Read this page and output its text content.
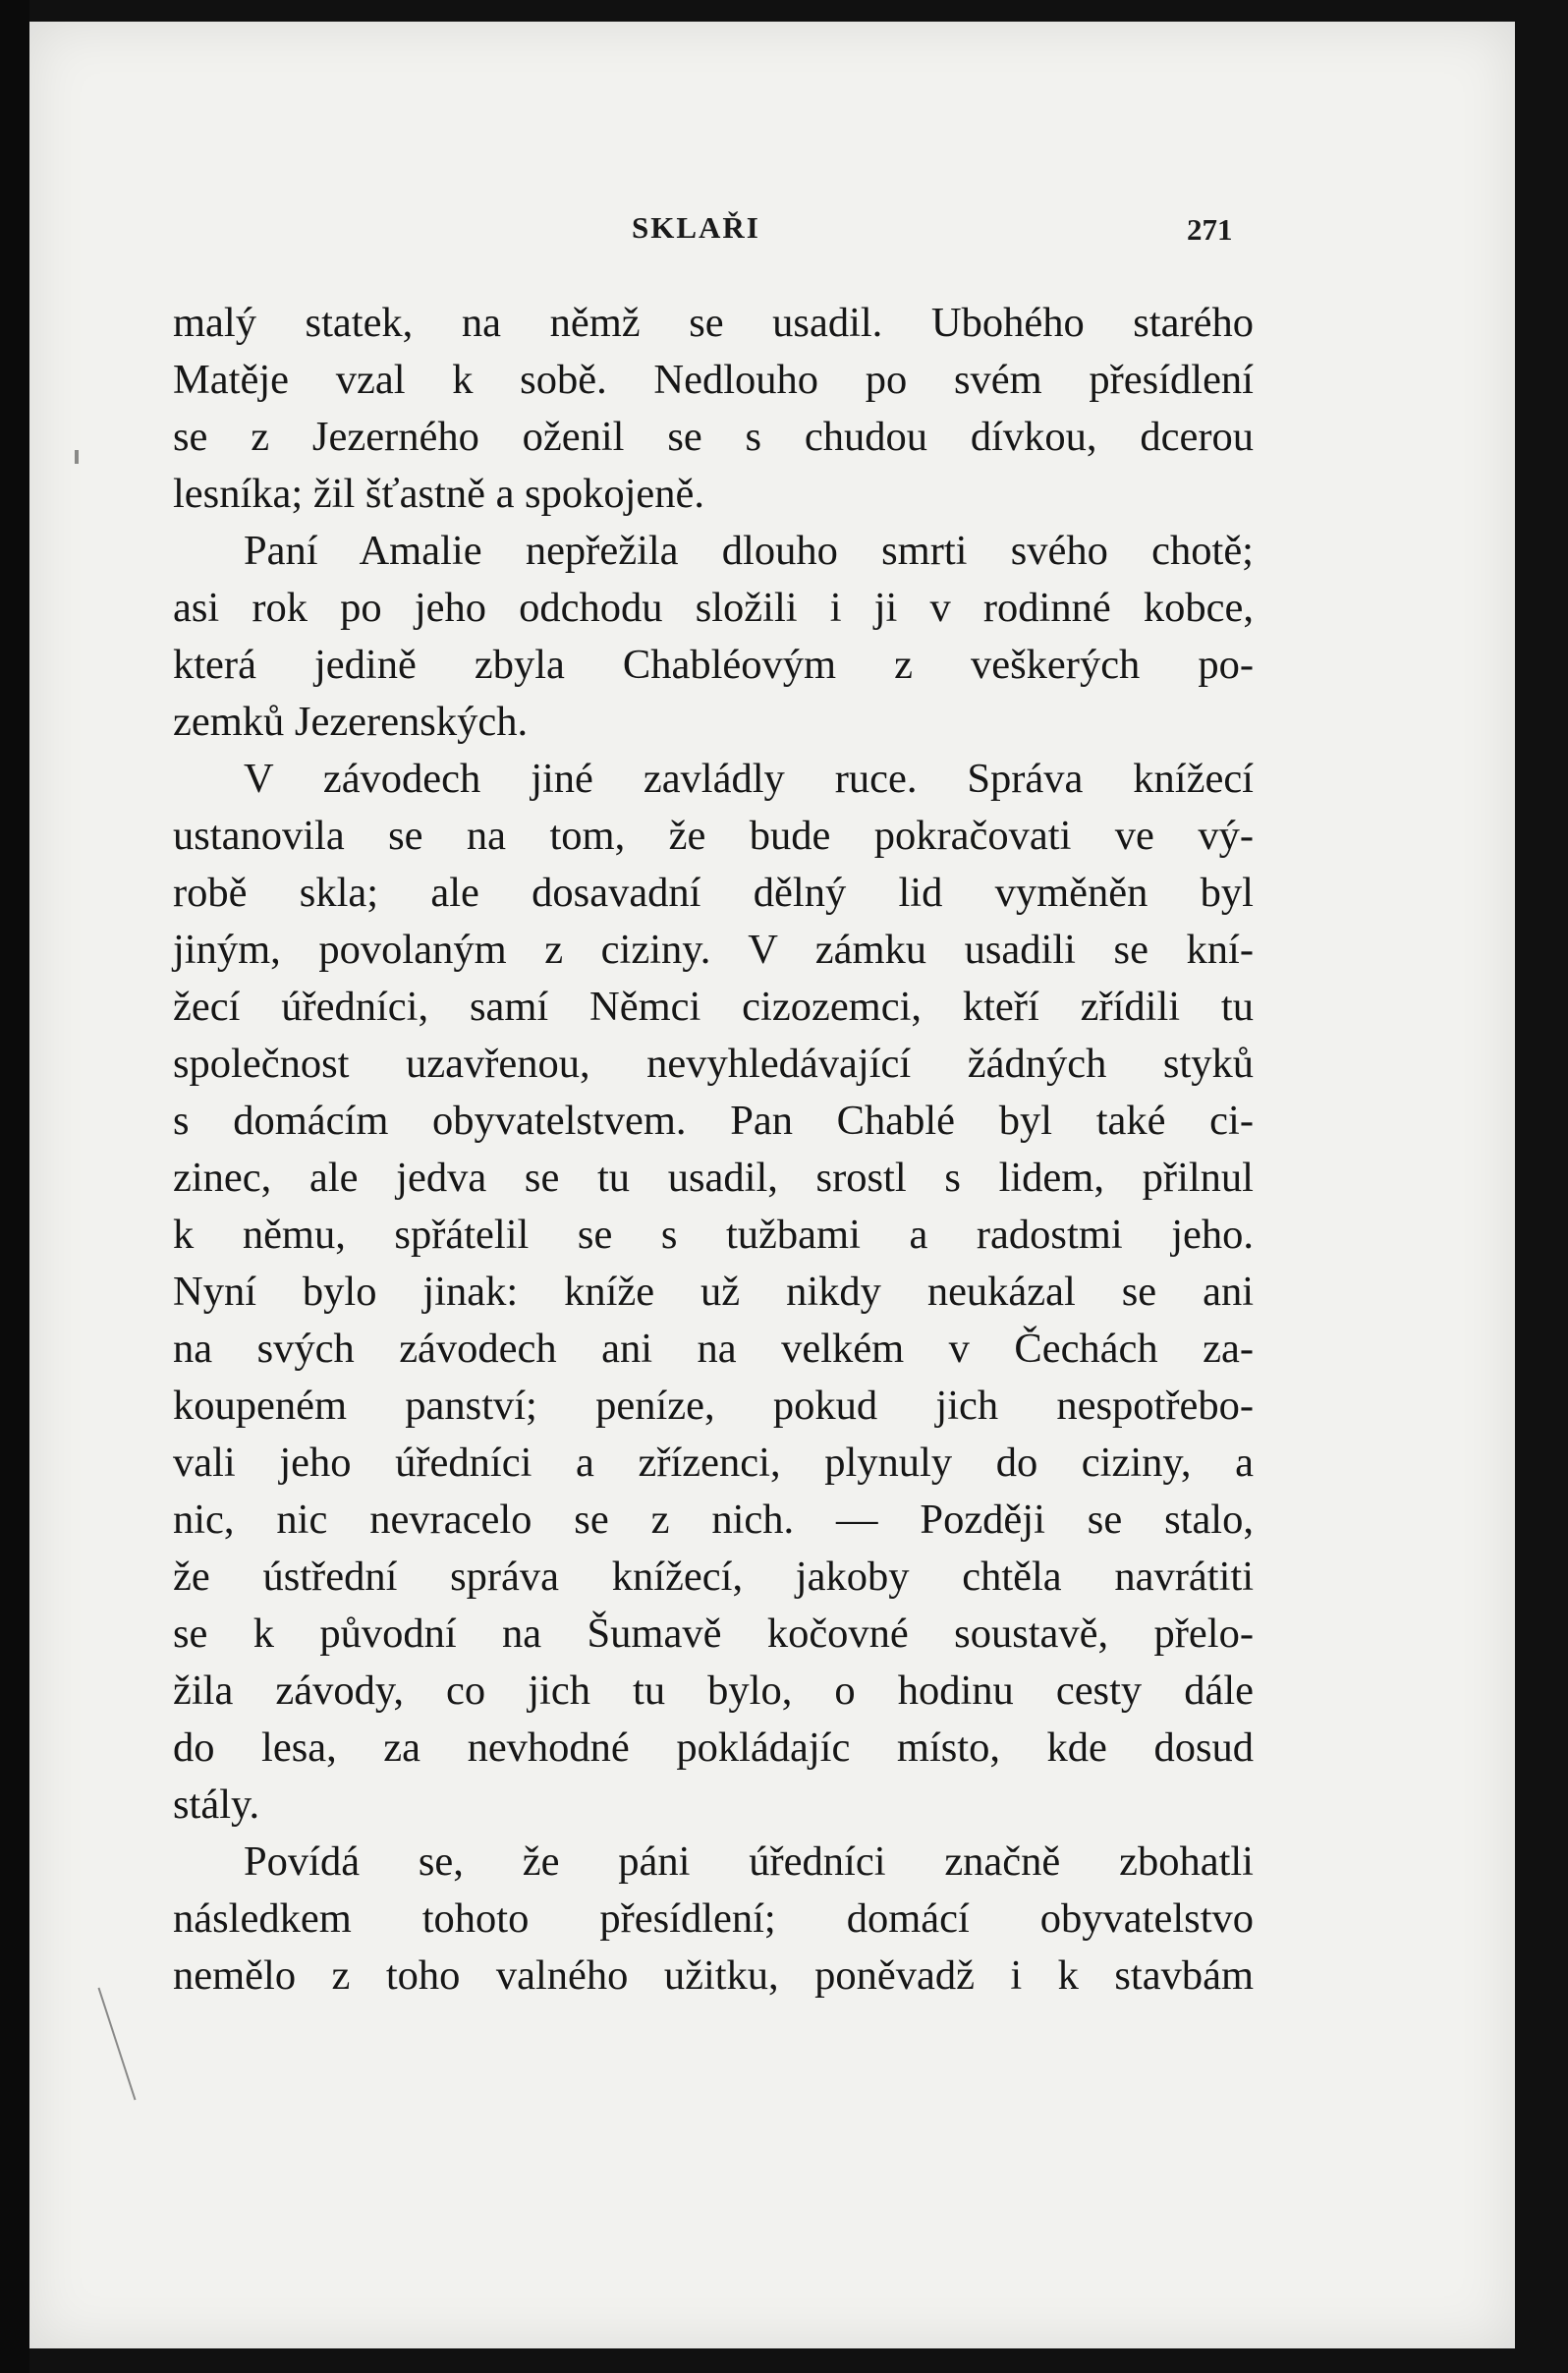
SKLAŘI	271
malý statek, na němž se usadil. Ubohého starého
Matěje vzal k sobě. Nedlouho po svém přesídlení
se z Jezerného oženil se s chudou dívkou, dcerou
lesníka; žil šťastně a spokojeně.
Paní Amalie nepřežila dlouho smrti svého chotě;
asi rok po jeho odchodu složili i ji v rodinné kobce,
která jedině zbyla Chabléovým z veškerých po-
zemků Jezerenských.
V závodech jiné zavládly ruce. Správa knížecí
ustanovila se na tom, že bude pokračovati ve vý-
robě skla; ale dosavadní dělný lid vyměněn byl
jiným, povolaným z ciziny. V zámku usadili se kní-
žecí úředníci, samí Němci cizozemci, kteří zřídili tu
společnost uzavřenou, nevyhledávající žádných styků
s domácím obyvatelstvem. Pan Chablé byl také ci-
zinec, ale jedva se tu usadil, srostl s lidem, přilnul
k němu, spřátelil se s tužbami a radostmi jeho.
Nyní bylo jinak: kníže už nikdy neukázal se ani
na svých závodech ani na velkém v Čechách za-
koupeném panství; peníze, pokud jich nespotřebo-
vali jeho úředníci a zřízenci, plynuly do ciziny, a
nic, nic nevracelo se z nich. — Později se stalo,
že ústřední správa knížecí, jakoby chtěla navrátiti
se k původní na Šumavě kočovné soustavě, přelo-
žila závody, co jich tu bylo, o hodinu cesty dále
do lesa, za nevhodné pokládajíc místo, kde dosud
stály.
Povídá se, že páni úředníci značně zbohatli
následkem tohoto přesídlení; domácí obyvatelstvo
nemělo z toho valného užitku, poněvadž i k stavbám
